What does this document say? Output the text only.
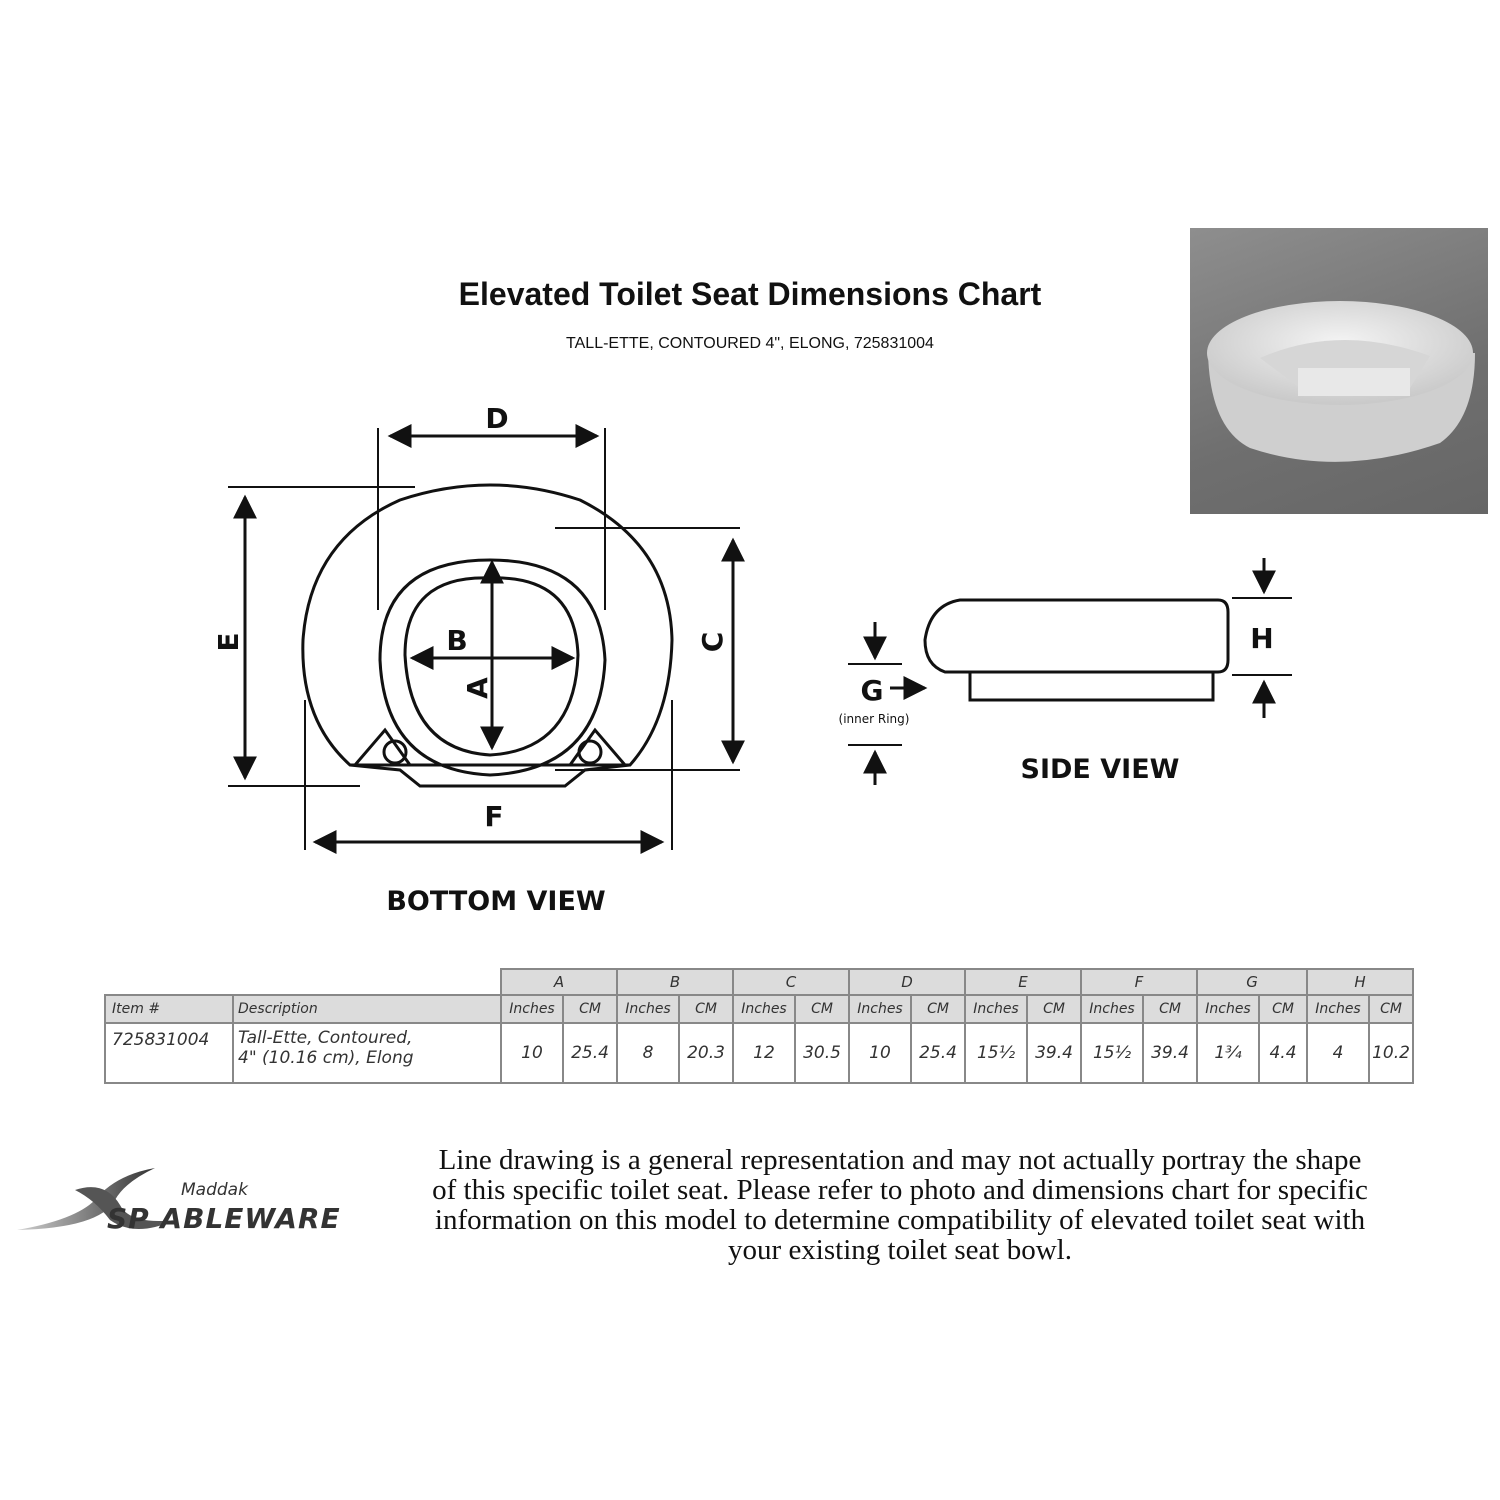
Elevated Toilet Seat Dimensions Chart
TALL-ETTE, CONTOURED 4", ELONG, 725831004
D
B
F
E	C
A
BOTTOM VIEW
SIDE VIEW
G
(inner Ring)
H
		A		B		C		D		E		F		G		H	
Item #	Description	Inches	CM	Inches	CM	Inches	CM	Inches	CM	Inches	CM	Inches	CM	Inches	CM	Inches	CM
725831004	Tall-Ette, Contoured,
4" (10.16 cm), Elong	10	25.4	8	20.3	12	30.5	10	25.4	15½	39.4	15½	39.4	1¾	4.4	4	10.2
Maddak
SP ABLEWARE
Line drawing is a general representation and may not actually portray the shape of this specific toilet seat. Please refer to photo and dimensions chart for specific information on this model to determine compatibility of elevated toilet seat with your existing toilet seat bowl.
